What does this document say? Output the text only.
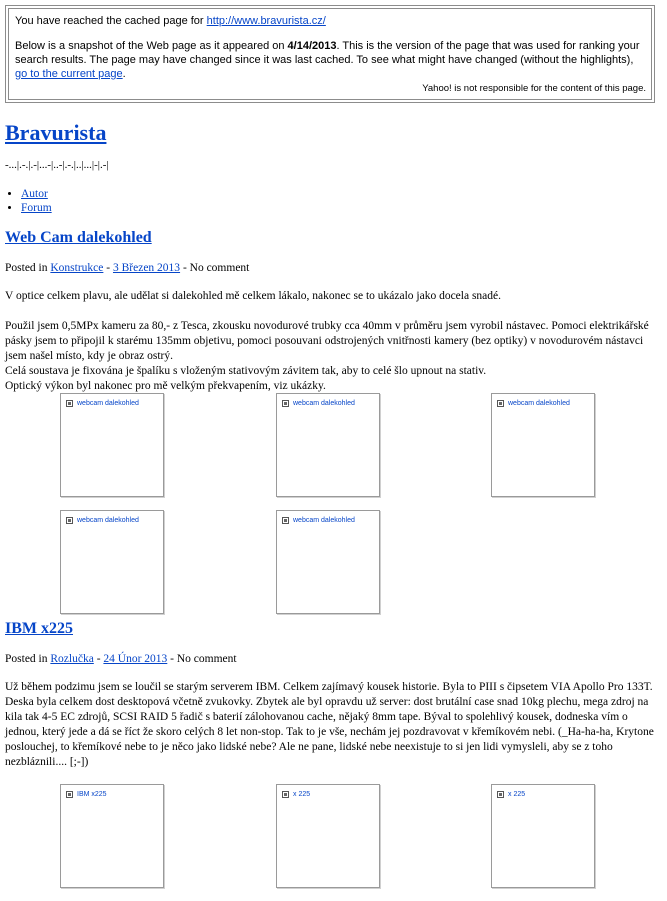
You have reached the cached page for http://www.bravurista.cz/

Below is a snapshot of the Web page as it appeared on 4/14/2013. This is the version of the page that was used for ranking your search results. The page may have changed since it was last cached. To see what might have changed (without the highlights), go to the current page.

Yahoo! is not responsible for the content of this page.
Bravurista

-...|.-.|.-|...-|..-|.-.|..|...|-|.-|

• Autor
• Forum
Web Cam dalekohled

Posted in Konstrukce - 3 Březen 2013 - No comment

V optice celkem plavu, ale udělat si dalekohled mě celkem lákalo, nakonec se to ukázalo jako docela snadé.

Použil jsem 0,5MPx kameru za 80,- z Tesca, zkousku novodurové trubky cca 40mm v průměru jsem vyrobil nástavec. Pomoci elektrikářské pásky jsem to připojil k starému 135mm objetivu, pomoci posouvani odstrojených vnitřnosti kamery (bez optiky) v novodurovém nástavci jsem našel místo, kdy je obraz ostrý.
Celá soustava je fixována je špalíku s vloženým stativovým závitem tak, aby to celé šlo upnout na stativ.
Optický výkon byl nakonec pro mě velkým překvapením, viz ukázky.

webcam dalekohled	webcam dalekohled	webcam dalekohled
webcam dalekohled	webcam dalekohled
IBM x225

Posted in Rozlučka - 24 Únor 2013 - No comment

Už během podzimu jsem se loučil se starým serverem IBM. Celkem zajímavý kousek historie. Byla to PIII s čipsetem VIA Apollo Pro 133T. Deska byla celkem dost desktopová včetně zvukovky. Zbytek ale byl opravdu už server: dost brutální case snad 10kg plechu, mega zdroj na kila tak 4-5 EC zdrojů, SCSI RAID 5 řadič s baterií zálohovanou cache, nějaký 8mm tape. Býval to spolehlivý kousek, dodneska vím o jednou, který jede a dá se říct že skoro celých 8 let non-stop. Tak to je vše, nechám jej pozdravovat v křemíkovém nebi. (_Ha-ha-ha, Krytone poslouchej, to křemíkové nebe to je něco jako lidské nebe? Ale ne pane, lidské nebe neexistuje to si jen lidi vymysleli, aby se z toho nezbláznili.... [;-])

IBM x225	x 225	x 225
